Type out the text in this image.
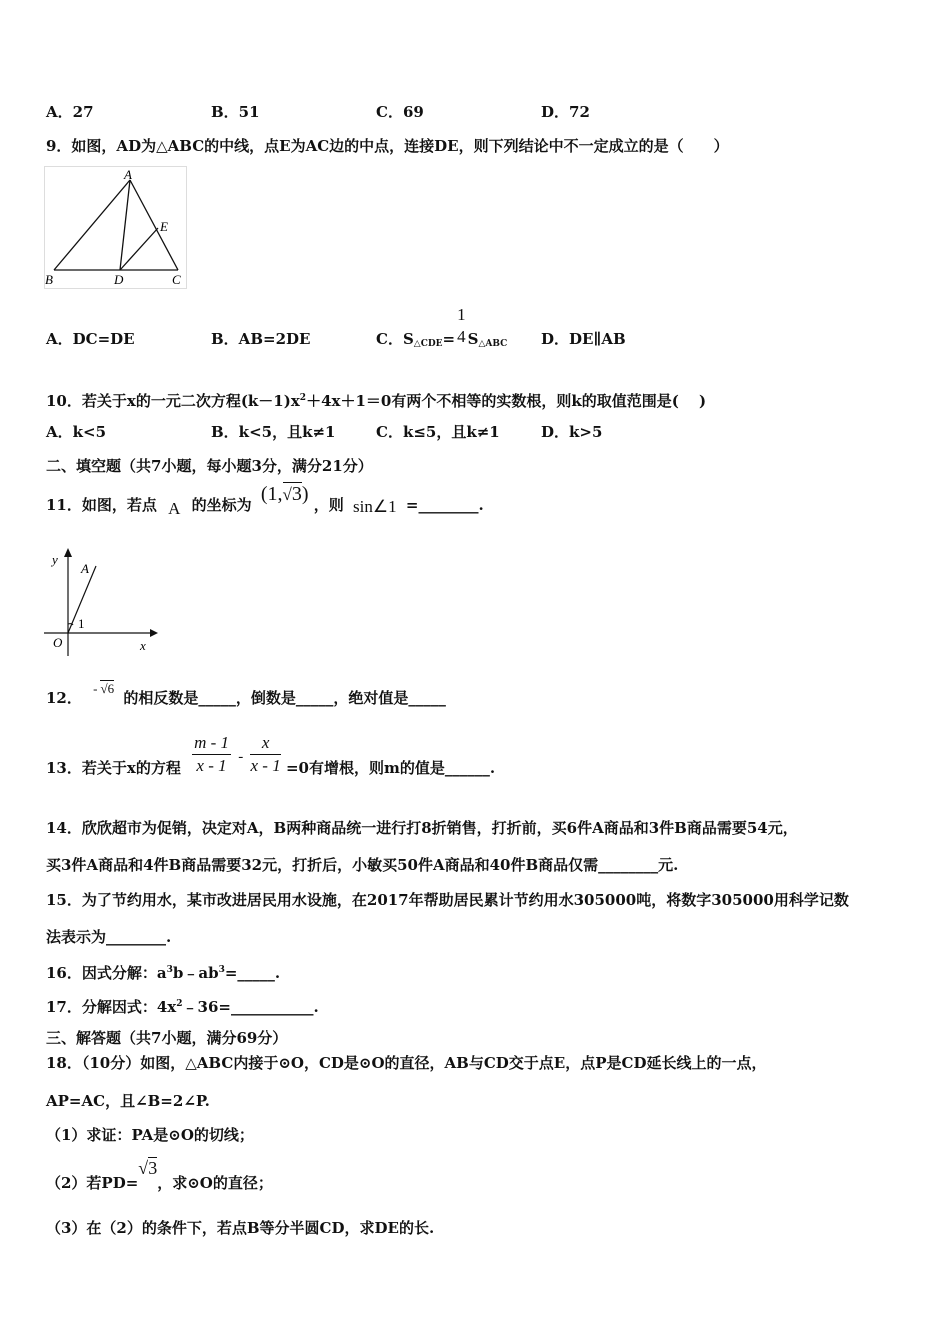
A．27	B．51	C．69	D．72
9．如图，AD为△ABC的中线，点E为AC边的中点，连接DE，则下列结论中不一定成立的是（　　）
A
E
B	D	C
A．DC=DE	B．AB=2DE	C．$S_{\triangle CDE}=$
1
4 $S_{\triangle ABC}$ D．DE∥AB
10．若关于x的一元二次方程$(k-1)x^2+4x+1=0$有两个不相等的实数根，则k的取值范围是(　 )
A．k<5	B．k<5，且k≠1	C．k≤5，且k≠1	D．k>5
二、填空题（共7小题，每小题3分，满分21分）
11．如图，若点 A 的坐标为 (1,√3) ，则 sin∠1 =________.
y
A
1
O	x
12． - √6 的相反数是_____，倒数是_____，绝对值是_____
13．若关于x的方程 $\frac{m - 1}{x - 1} - \frac{x}{x - 1} =0$有增根，则m的值是______.
14．欣欣超市为促销，决定对A，B两种商品统一进行打8折销售，打折前，买6件A商品和3件B商品需要54元，
买3件A商品和4件B商品需要32元，打折后，小敏买50件A商品和40件B商品仅需________元.
15．为了节约用水，某市改进居民用水设施，在2017年帮助居民累计节约用水305000吨，将数字305000用科学记数
法表示为________.
16．因式分解：$a^3b﹣ab^3=\_\_\_\_\_$.
17．分解因式：$4x^2﹣36=\_\_\_\_\_\_\_\_\_\_\_$.
三、解答题（共7小题，满分69分）
18．（10分）如图，△ABC内接于⊙O，CD是⊙O的直径，AB与CD交于点E，点P是CD延长线上的一点，
AP=AC，且∠B=2∠P.
（1）求证：PA是⊙O的切线；
（2）若PD=√3，求⊙O的直径；
（3）在（2）的条件下，若点B等分半圆CD，求DE的长.
